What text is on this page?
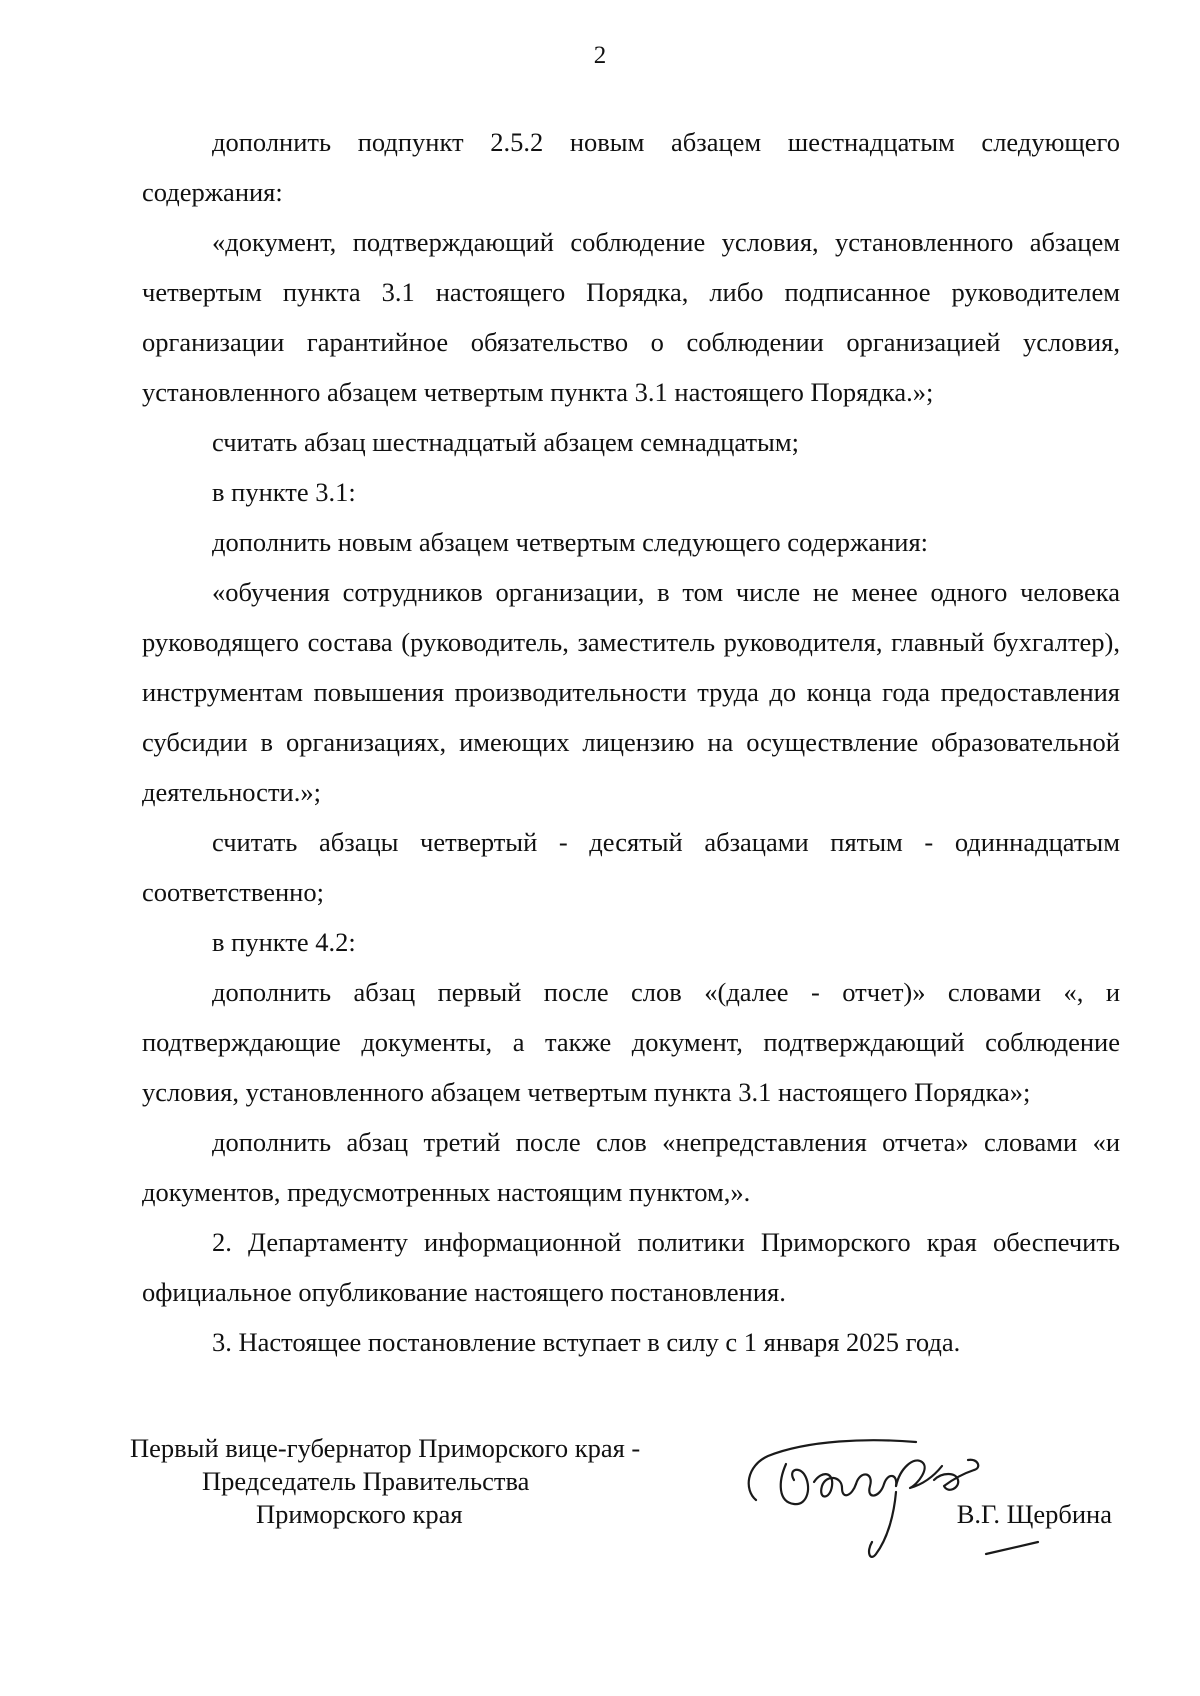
2

дополнить подпункт 2.5.2 новым абзацем шестнадцатым следующего содержания:

«документ, подтверждающий соблюдение условия, установленного абзацем четвертым пункта 3.1 настоящего Порядка, либо подписанное руководителем организации гарантийное обязательство о соблюдении организацией условия, установленного абзацем четвертым пункта 3.1 настоящего Порядка.»;

считать абзац шестнадцатый абзацем семнадцатым;

в пункте 3.1:

дополнить новым абзацем четвертым следующего содержания:

«обучения сотрудников организации, в том числе не менее одного человека руководящего состава (руководитель, заместитель руководителя, главный бухгалтер), инструментам повышения производительности труда до конца года предоставления субсидии в организациях, имеющих лицензию на осуществление образовательной деятельности.»;

считать абзацы четвертый - десятый абзацами пятым - одиннадцатым соответственно;

в пункте 4.2:

дополнить абзац первый после слов «(далее - отчет)» словами «, и подтверждающие документы, а также документ, подтверждающий соблюдение условия, установленного абзацем четвертым пункта 3.1 настоящего Порядка»;

дополнить абзац третий после слов «непредставления отчета» словами «и документов, предусмотренных настоящим пунктом,».

2. Департаменту информационной политики Приморского края обеспечить официальное опубликование настоящего постановления.

3. Настоящее постановление вступает в силу с 1 января 2025 года.

Первый вице-губернатор Приморского края -
Председатель Правительства
Приморского края	В.Г. Щербина
